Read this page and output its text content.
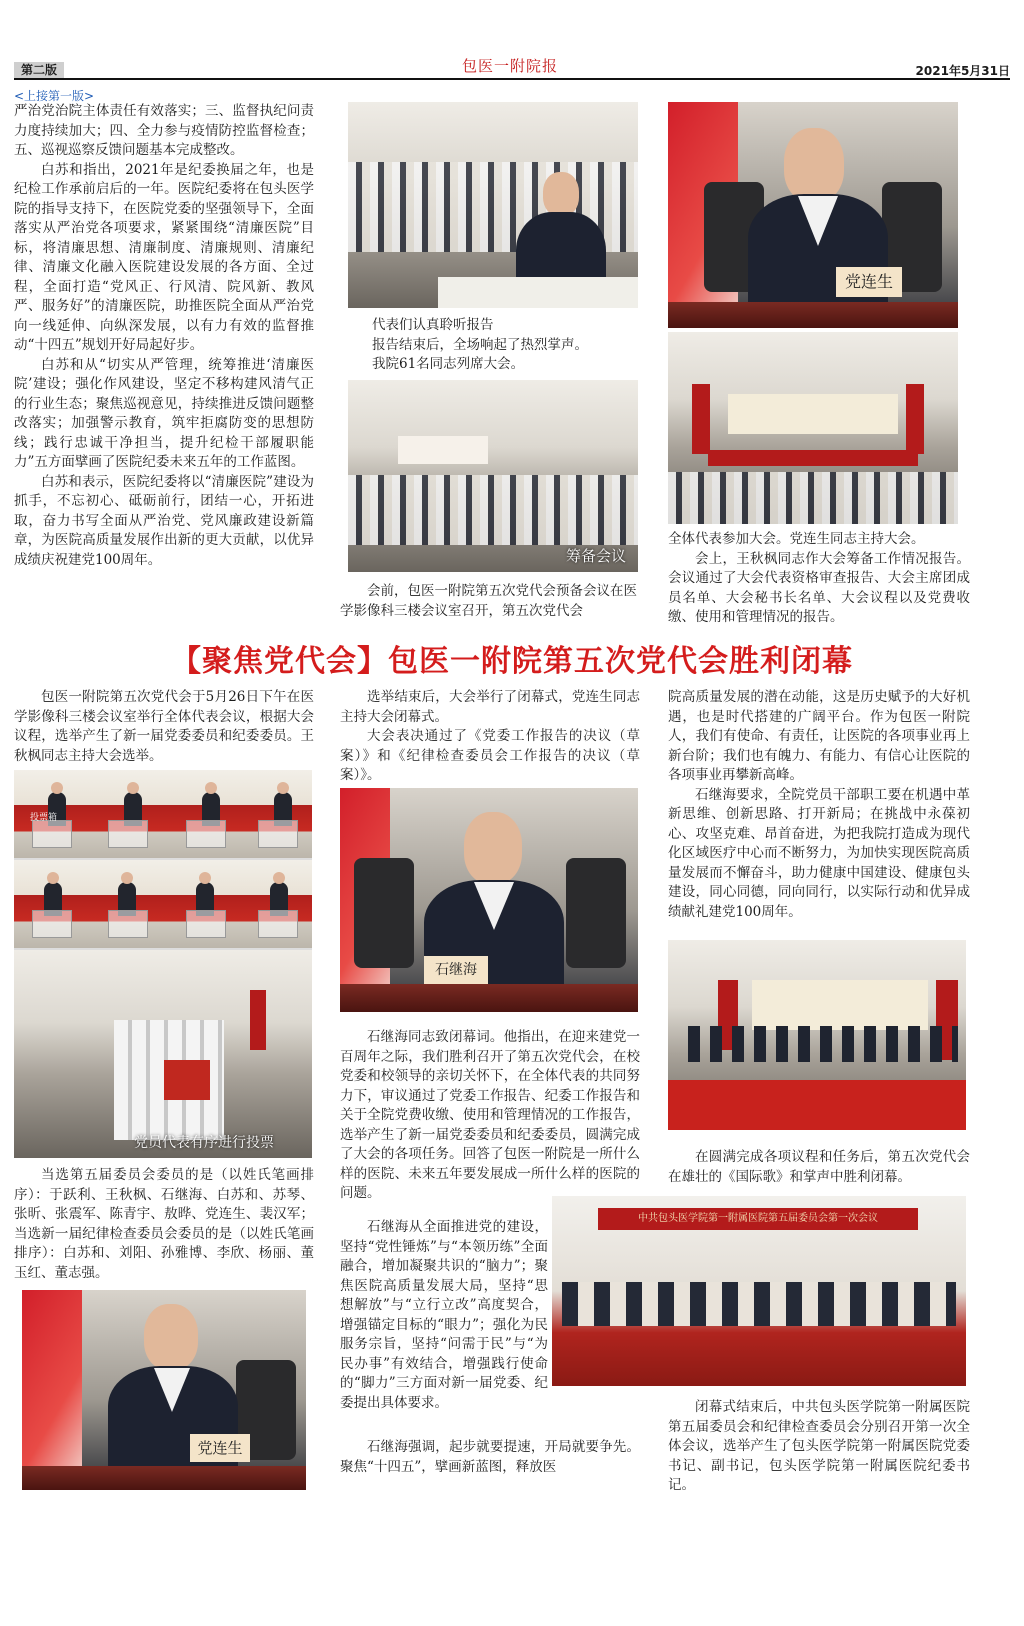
第二版	包医一附院报	2021年5月31日
<上接第一版>

严治党治院主体责任有效落实；三、监督执纪问责力度持续加大；四、全力参与疫情防控监督检查；五、巡视巡察反馈问题基本完成整改。

白苏和指出，2021年是纪委换届之年，也是纪检工作承前启后的一年。医院纪委将在包头医学院的指导支持下，在医院党委的坚强领导下，全面落实从严治党各项要求，紧紧围绕“清廉医院”目标，将清廉思想、清廉制度、清廉规则、清廉纪律、清廉文化融入医院建设发展的各方面、全过程，全面打造“党风正、行风清、院风新、教风严、服务好”的清廉医院，助推医院全面从严治党向一线延伸、向纵深发展，以有力有效的监督推动“十四五”规划开好局起好步。

白苏和从“切实从严管理，统筹推进‘清廉医院’建设；强化作风建设，坚定不移构建风清气正的行业生态；聚焦巡视意见，持续推进反馈问题整改落实；加强警示教育，筑牢拒腐防变的思想防线；践行忠诚干净担当，提升纪检干部履职能力”五方面擘画了医院纪委未来五年的工作蓝图。

白苏和表示，医院纪委将以“清廉医院”建设为抓手，不忘初心、砥砺前行，团结一心，开拓进取，奋力书写全面从严治党、党风廉政建设新篇章，为医院高质量发展作出新的更大贡献，以优异成绩庆祝建党100周年。

代表们认真聆听报告
报告结束后，全场响起了热烈掌声。
我院61名同志列席大会。
筹备会议
会前，包医一附院第五次党代会预备会议在医学影像科三楼会议室召开，第五次党代会
党连生
全体代表参加大会。党连生同志主持大会。
会上，王秋枫同志作大会筹备工作情况报告。会议通过了大会代表资格审查报告、大会主席团成员名单、大会秘书长名单、大会议程以及党费收缴、使用和管理情况的报告。
【聚焦党代会】包医一附院第五次党代会胜利闭幕

包医一附院第五次党代会于5月26日下午在医学影像科三楼会议室举行全体代表会议，根据大会议程，选举产生了新一届党委委员和纪委委员。王秋枫同志主持大会选举。

投票箱
党员代表有序进行投票

当选第五届委员会委员的是（以姓氏笔画排序）：于跃利、王秋枫、石继海、白苏和、苏琴、张昕、张震军、陈青宇、敖晔、党连生、裴汉军；当选新一届纪律检查委员会委员的是（以姓氏笔画排序）：白苏和、刘阳、孙雅博、李欣、杨丽、董玉红、董志强。

党连生

选举结束后，大会举行了闭幕式，党连生同志主持大会闭幕式。

大会表决通过了《党委工作报告的决议（草案）》和《纪律检查委员会工作报告的决议（草案）》。

石继海

石继海同志致闭幕词。他指出，在迎来建党一百周年之际，我们胜利召开了第五次党代会，在校党委和校领导的亲切关怀下，在全体代表的共同努力下，审议通过了党委工作报告、纪委工作报告和关于全院党费收缴、使用和管理情况的工作报告，选举产生了新一届党委委员和纪委委员，圆满完成了大会的各项任务。回答了包医一附院是一所什么样的医院、未来五年要发展成一所什么样的医院的问题。

石继海从全面推进党的建设，坚持“党性锤炼”与“本领历练”全面融合，增加凝聚共识的“脑力”；聚焦医院高质量发展大局，坚持“思想解放”与“立行立改”高度契合，增强锚定目标的“眼力”；强化为民服务宗旨，坚持“问需于民”与“为民办事”有效结合，增强践行使命的“脚力”三方面对新一届党委、纪委提出具体要求。

石继海强调，起步就要提速，开局就要争先。聚焦“十四五”，擘画新蓝图，释放医

院高质量发展的潜在动能，这是历史赋予的大好机遇，也是时代搭建的广阔平台。作为包医一附院人，我们有使命、有责任，让医院的各项事业再上新台阶；我们也有魄力、有能力、有信心让医院的各项事业再攀新高峰。

石继海要求，全院党员干部职工要在机遇中革新思维、创新思路、打开新局；在挑战中永葆初心、攻坚克难、昂首奋进，为把我院打造成为现代化区域医疗中心而不断努力，为加快实现医院高质量发展而不懈奋斗，助力健康中国建设、健康包头建设，同心同德，同向同行，以实际行动和优异成绩献礼建党100周年。

在圆满完成各项议程和任务后，第五次党代会在雄壮的《国际歌》和掌声中胜利闭幕。
中共包头医学院第一附属医院第五届委员会第一次会议
闭幕式结束后，中共包头医学院第一附属医院第五届委员会和纪律检查委员会分别召开第一次全体会议，选举产生了包头医学院第一附属医院党委书记、副书记，包头医学院第一附属医院纪委书记。
